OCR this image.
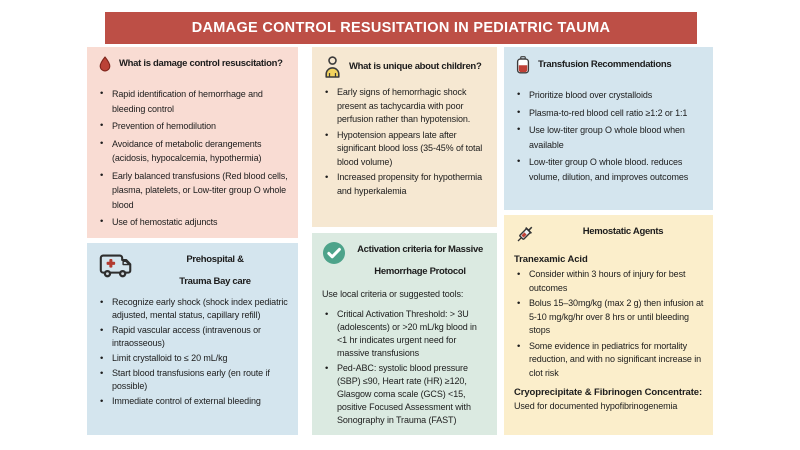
DAMAGE CONTROL RESUSITATION IN PEDIATRIC TAUMA
What is damage control resuscitation?
• Rapid identification of hemorrhage and bleeding control
• Prevention of hemodilution
• Avoidance of metabolic derangements (acidosis, hypocalcemia, hypothermia)
• Early balanced transfusions (Red blood cells, plasma, platelets, or Low-titer group O whole blood
• Use of hemostatic adjuncts
What is unique about children?
• Early signs of hemorrhagic shock present as tachycardia with poor perfusion rather than hypotension.
• Hypotension appears late after significant blood loss (35-45% of total blood volume)
• Increased propensity for hypothermia and hyperkalemia
Transfusion Recommendations
• Prioritize blood over crystalloids
• Plasma-to-red blood cell ratio ≥1:2 or 1:1
• Use low-titer group O whole blood when available
• Low-titer group O whole blood. reduces volume, dilution, and improves outcomes
Prehospital &
Trauma Bay care
• Recognize early shock (shock index pediatric adjusted, mental status, capillary refill)
• Rapid vascular access (intravenous or intraosseous)
• Limit crystalloid to ≤ 20 mL/kg
• Start blood transfusions early (en route if possible)
• Immediate control of external bleeding
Activation criteria for Massive
Hemorrhage Protocol
Use local criteria or suggested tools:
• Critical Activation Threshold: > 3U (adolescents) or >20 mL/kg blood in <1 hr indicates urgent need for massive transfusions
• Ped-ABC: systolic blood pressure (SBP) ≤90, Heart rate (HR) ≥120, Glasgow coma scale (GCS) <15, positive Focused Assessment with Sonography in Trauma (FAST)
Hemostatic Agents
Tranexamic Acid
• Consider within 3 hours of injury for best outcomes
• Bolus 15–30mg/kg (max 2 g) then infusion at 5-10 mg/kg/hr over 8 hrs or until bleeding stops
• Some evidence in pediatrics for mortality reduction, and with no significant increase in clot risk
Cryoprecipitate & Fibrinogen Concentrate: Used for documented hypofibrinogenemia
